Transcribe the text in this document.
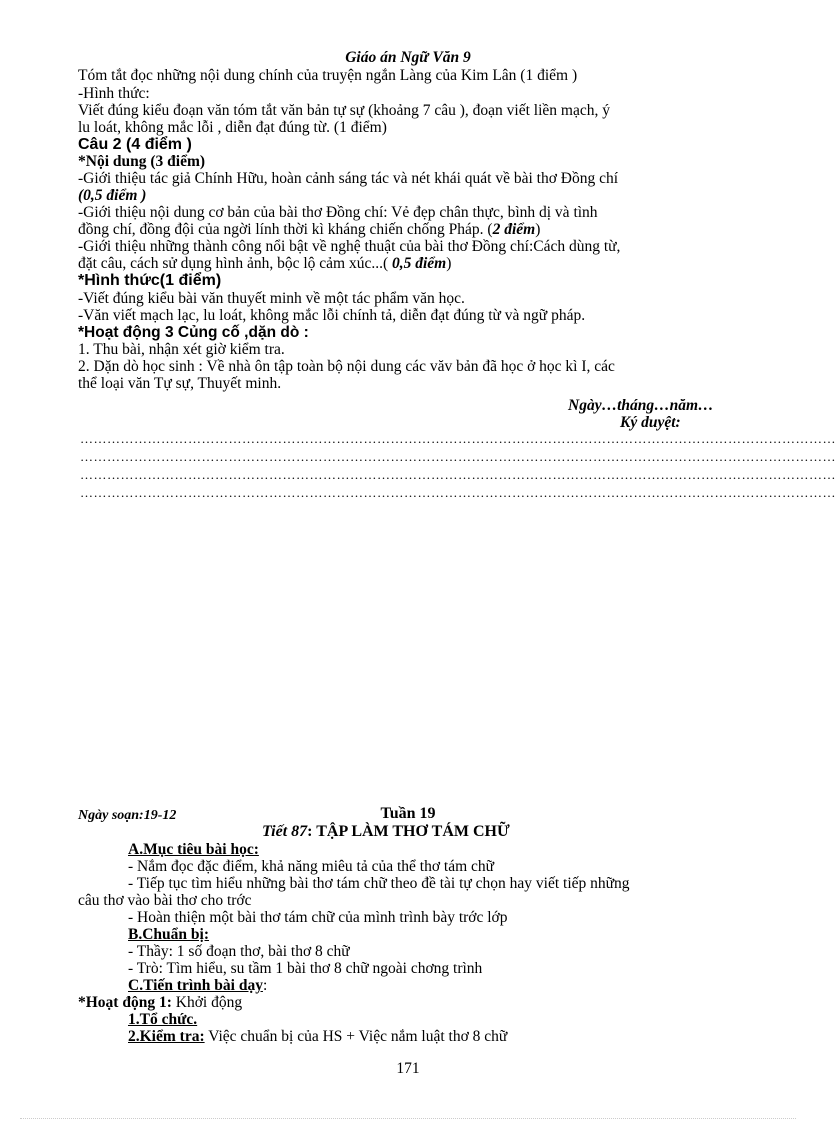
Giáo án Ngữ Văn 9
Tóm tắt đọc những nội dung chính của truyện ngắn Làng của Kim Lân (1 điểm )
-Hình thức:
Viết đúng kiểu đoạn văn tóm tắt văn bản tự sự (khoảng 7 câu ), đoạn viết liền mạch, ý
lu loát, không mắc lỗi , diễn đạt đúng từ. (1 điểm)
Câu 2 (4 điểm )
*Nội dung (3 điểm)
-Giới thiệu tác giả Chính Hữu, hoàn cảnh sáng tác và nét khái quát về bài thơ Đồng chí
(0,5 điểm )
-Giới thiệu nội dung cơ bản của bài thơ Đồng chí: Vẻ đẹp chân thực, bình dị và tình
đồng chí, đồng đội của ngời lính thời kì kháng chiến chống Pháp. (2 điểm)
-Giới thiệu những thành công nổi bật về nghệ thuật của bài thơ Đồng chí:Cách dùng từ,
đặt câu, cách sử dụng hình ảnh, bộc lộ cảm xúc...( 0,5 điểm)
*Hình thức(1 điểm)
-Viết đúng kiểu bài văn thuyết minh về một tác phẩm văn học.
-Văn viết mạch lạc, lu loát, không mắc lỗi chính tả, diễn đạt đúng từ và ngữ pháp.
*Hoạt động 3 Củng cố ,dặn dò :
1. Thu bài, nhận xét giờ kiểm tra.
2. Dặn dò học sinh : Về nhà ôn tập toàn bộ nội dung các văv bản đã học ở học kì I, các
thể loại văn Tự sự, Thuyết minh.
Ngày…tháng…năm…
Ký duyệt:
……………………………………………………………………………………………………………………………………………………
……………………………………………………………………………………………………………………………………………………
……………………………………………………………………………………………………………………………………………………
……………………………………………………………………………………………………………………………………………………
Ngày soạn:19-12	Tuần 19
Tiết 87: TẬP LÀM THƠ TÁM CHỮ
A.Mục tiêu bài học:
- Nắm đọc đặc điểm, khả năng miêu tả của thể thơ tám chữ
- Tiếp tục tìm hiểu những bài thơ tám chữ theo đề tài tự chọn hay viết tiếp những
câu thơ vào bài thơ cho trớc
- Hoàn thiện một bài thơ tám chữ của mình trình bày trớc lớp
B.Chuẩn bị:
- Thầy: 1 số đoạn thơ, bài thơ 8 chữ
- Trò: Tìm hiểu, su tầm 1 bài thơ 8 chữ ngoài chơng trình
C.Tiến trình bài dạy:
*Hoạt động 1: Khởi động
1.Tổ chức.
2.Kiểm tra: Việc chuẩn bị của HS + Việc nắm luật thơ 8 chữ
171
